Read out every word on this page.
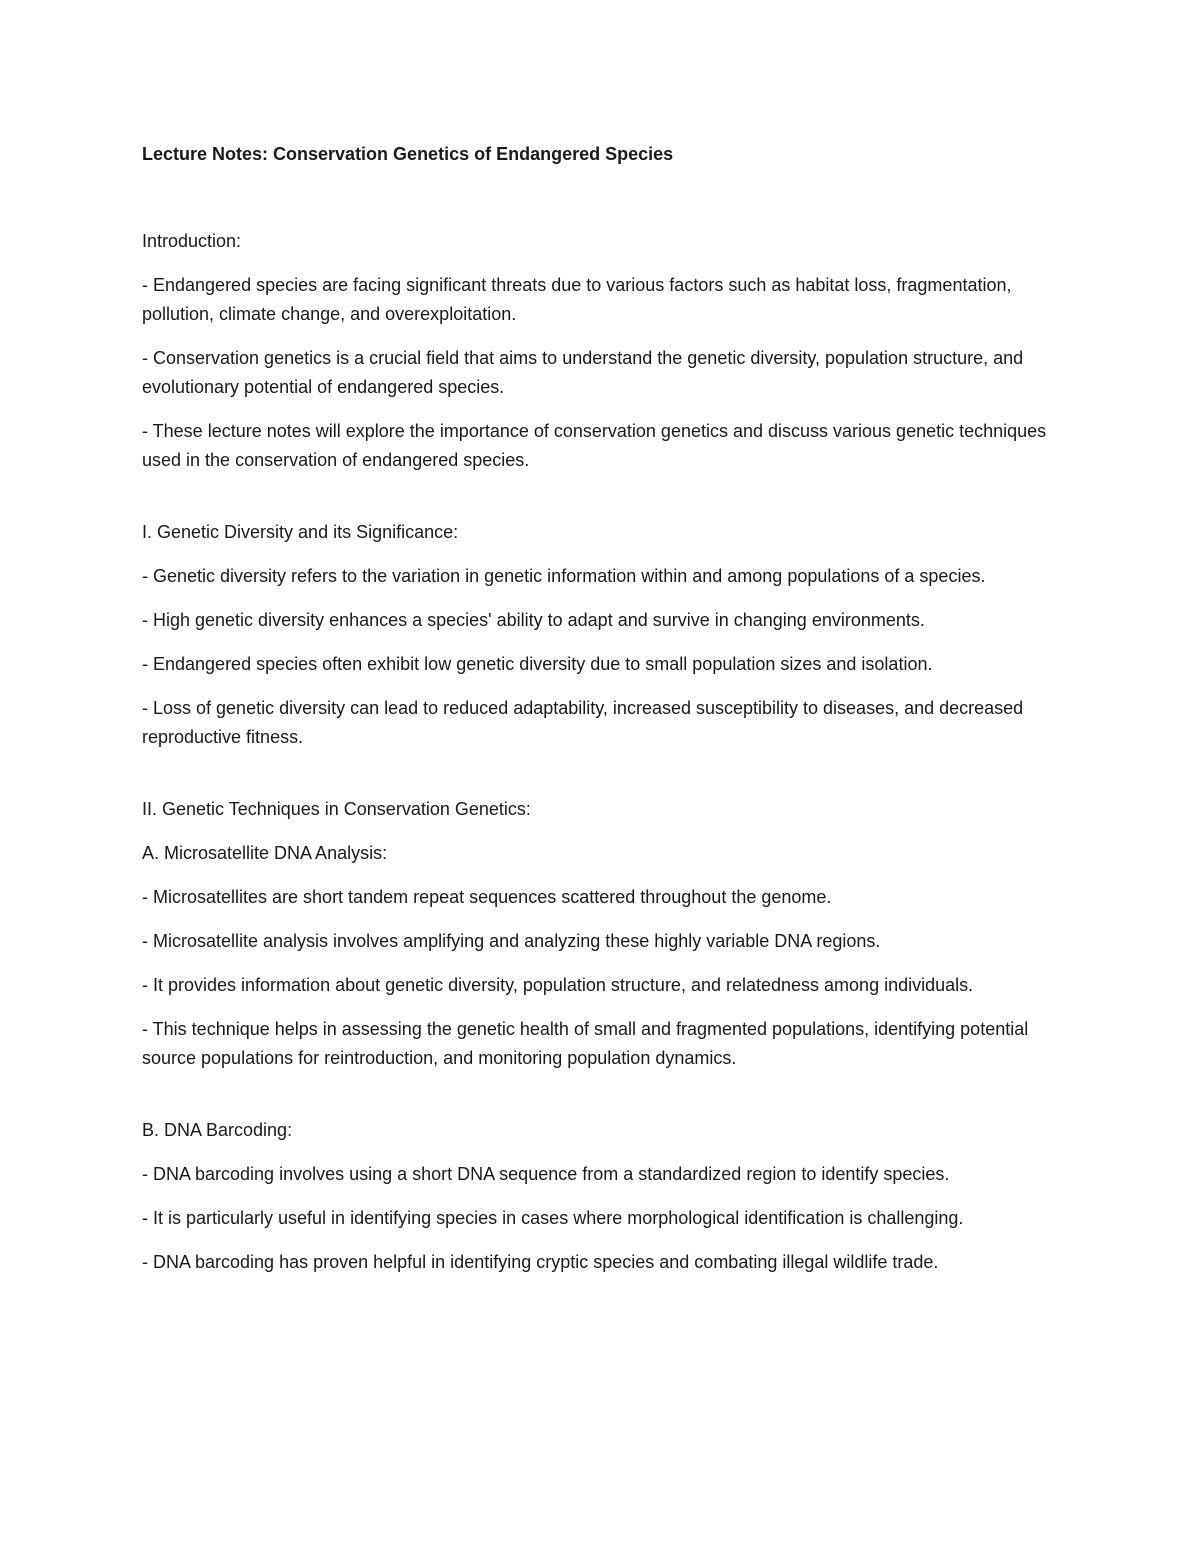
Lecture Notes: Conservation Genetics of Endangered Species

Introduction:

- Endangered species are facing significant threats due to various factors such as habitat loss, fragmentation, pollution, climate change, and overexploitation.

- Conservation genetics is a crucial field that aims to understand the genetic diversity, population structure, and evolutionary potential of endangered species.

- These lecture notes will explore the importance of conservation genetics and discuss various genetic techniques used in the conservation of endangered species.

I. Genetic Diversity and its Significance:

- Genetic diversity refers to the variation in genetic information within and among populations of a species.

- High genetic diversity enhances a species' ability to adapt and survive in changing environments.

- Endangered species often exhibit low genetic diversity due to small population sizes and isolation.

- Loss of genetic diversity can lead to reduced adaptability, increased susceptibility to diseases, and decreased reproductive fitness.

II. Genetic Techniques in Conservation Genetics:

A. Microsatellite DNA Analysis:

- Microsatellites are short tandem repeat sequences scattered throughout the genome.

- Microsatellite analysis involves amplifying and analyzing these highly variable DNA regions.

- It provides information about genetic diversity, population structure, and relatedness among individuals.

- This technique helps in assessing the genetic health of small and fragmented populations, identifying potential source populations for reintroduction, and monitoring population dynamics.

B. DNA Barcoding:

- DNA barcoding involves using a short DNA sequence from a standardized region to identify species.

- It is particularly useful in identifying species in cases where morphological identification is challenging.

- DNA barcoding has proven helpful in identifying cryptic species and combating illegal wildlife trade.
